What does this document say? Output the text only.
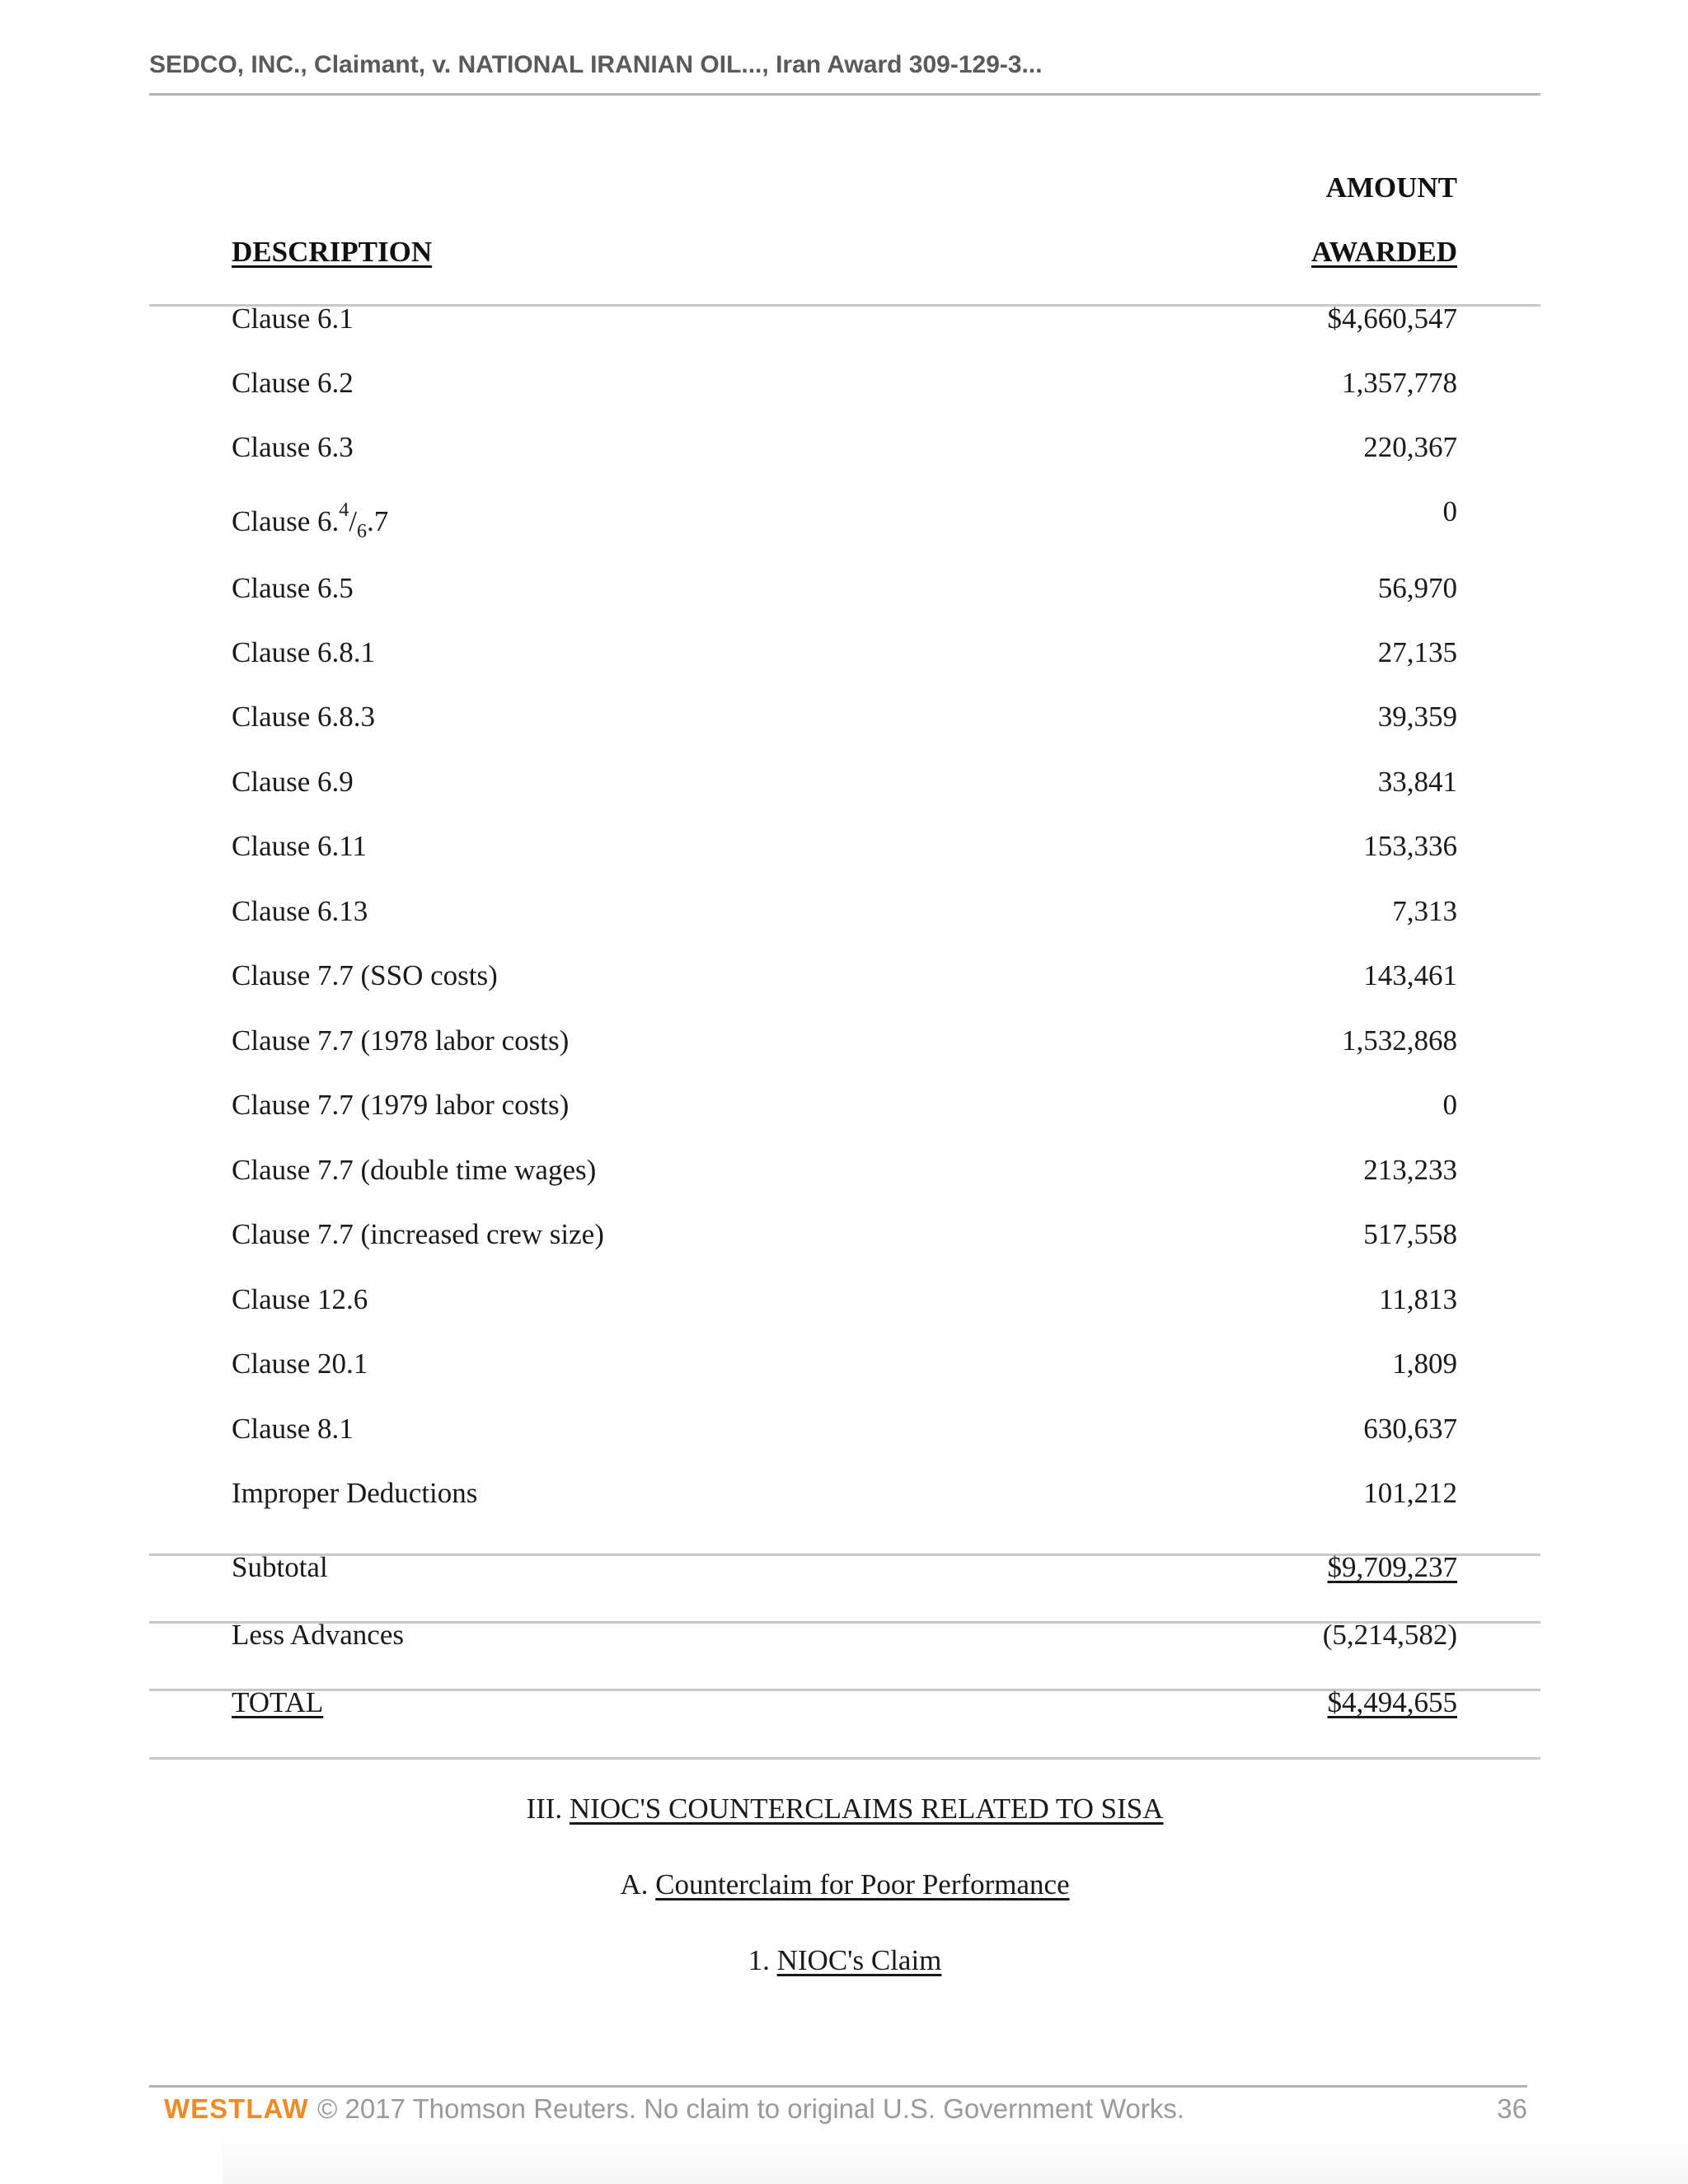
SEDCO, INC., Claimant, v. NATIONAL IRANIAN OIL..., Iran Award 309-129-3...
AMOUNT
DESCRIPTION	AWARDED
Clause 6.1	$4,660,547
Clause 6.2	1,357,778
Clause 6.3	220,367
Clause $6.^4/_6.7$	0
Clause 6.5	56,970
Clause 6.8.1	27,135
Clause 6.8.3	39,359
Clause 6.9	33,841
Clause 6.11	153,336
Clause 6.13	7,313
Clause 7.7 (SSO costs)	143,461
Clause 7.7 (1978 labor costs)	1,532,868
Clause 7.7 (1979 labor costs)	0
Clause 7.7 (double time wages)	213,233
Clause 7.7 (increased crew size)	517,558
Clause 12.6	11,813
Clause 20.1	1,809
Clause 8.1	630,637
Improper Deductions	101,212
Subtotal	$9,709,237
Less Advances	(5,214,582)
TOTAL	$4,494,655
III. NIOC'S COUNTERCLAIMS RELATED TO SISA
A. Counterclaim for Poor Performance
1. NIOC's Claim
WESTLAW © 2017 Thomson Reuters. No claim to original U.S. Government Works.	36
